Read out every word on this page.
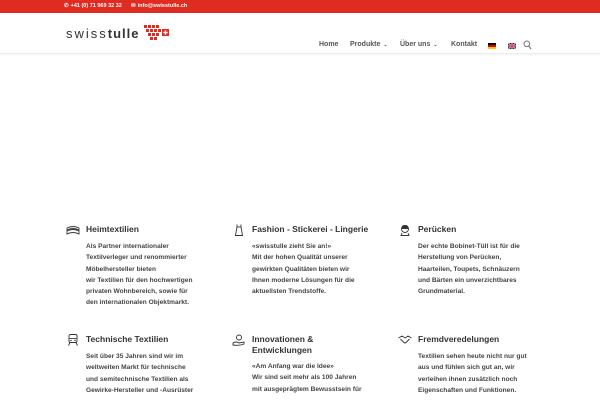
✆ +41 (0) 71 969 32 32 ✉ info@swisstulle.ch
swiss tulle
Home Produkte ⌄ Über uns ⌄ Kontakt
Heimtextilien

Als Partner internationaler

Textilverleger und renommierter

Möbelhersteller bieten

wir Textilien für den hochwertigen

privaten Wohnbereich, sowie für

den internationalen Objektmarkt.

Fashion - Stickerei - Lingerie

«swisstulle zieht Sie an!»

Mit der hohen Qualität unserer

gewirkten Qualitäten bieten wir

Ihnen moderne Lösungen für die

aktuellsten Trendstoffe.

Perücken

Der echte Bobinet-Tüll ist für die

Herstellung von Perücken,

Haarteilen, Toupets, Schnäuzern

und Bärten ein unverzichtbares

Grundmaterial.

Technische Textilien

Seit über 35 Jahren sind wir im

weltweiten Markt für technische

und semitechnische Textilien als

Gewirke-Hersteller und -Ausrüster

Innovationen & Entwicklungen

«Am Anfang war die Idee»

Wir sind seit mehr als 100 Jahren

mit ausgeprägtem Bewusstsein für

Fremdveredelungen

Textilien sehen heute nicht nur gut

aus und fühlen sich gut an, wir

verleihen ihnen zusätzlich noch

Eigenschaften und Funktionen.
